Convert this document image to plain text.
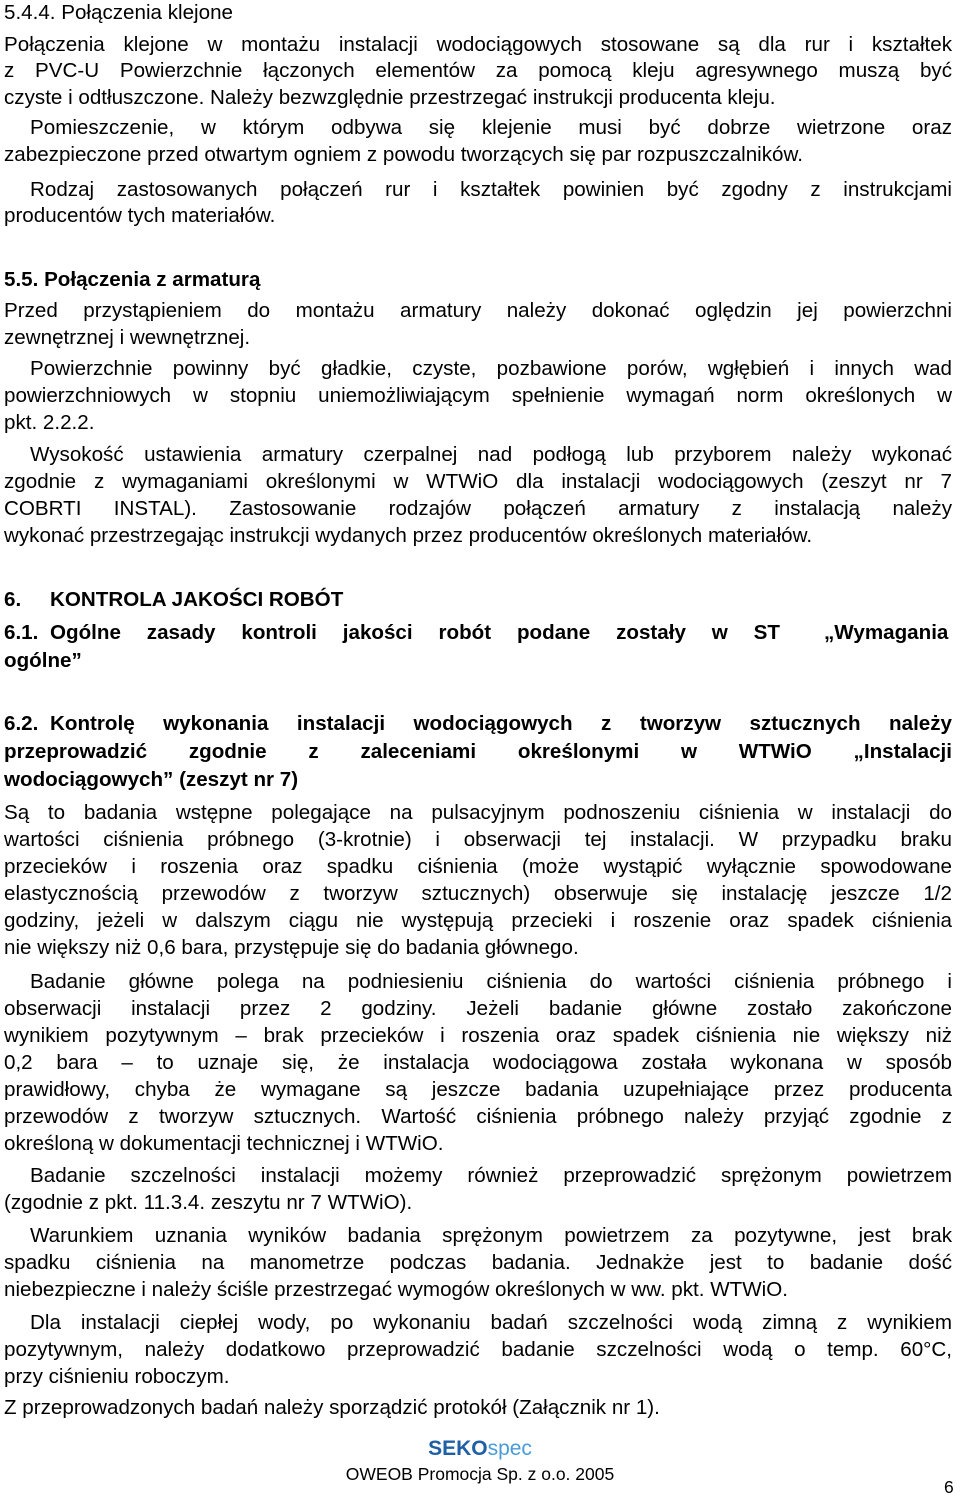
5.4.4. Połączenia klejone
Połączenia klejone w montażu instalacji wodociągowych stosowane są dla rur i kształtek
z PVC-U Powierzchnie łączonych elementów za pomocą kleju agresywnego muszą być
czyste i odtłuszczone. Należy bezwzględnie przestrzegać instrukcji producenta kleju.
Pomieszczenie, w którym odbywa się klejenie musi być dobrze wietrzone oraz
zabezpieczone przed otwartym ogniem z powodu tworzących się par rozpuszczalników.
Rodzaj zastosowanych połączeń rur i kształtek powinien być zgodny z instrukcjami
producentów tych materiałów.
5.5. Połączenia z armaturą
Przed przystąpieniem do montażu armatury należy dokonać oględzin jej powierzchni
zewnętrznej i wewnętrznej.
Powierzchnie powinny być gładkie, czyste, pozbawione porów, wgłębień i innych wad
powierzchniowych w stopniu uniemożliwiającym spełnienie wymagań norm określonych w
pkt. 2.2.2.
Wysokość ustawienia armatury czerpalnej nad podłogą lub przyborem należy wykonać
zgodnie z wymaganiami określonymi w WTWiO dla instalacji wodociągowych (zeszyt nr 7
COBRTI INSTAL). Zastosowanie rodzajów połączeń armatury z instalacją należy
wykonać przestrzegając instrukcji wydanych przez producentów określonych materiałów.
6. KONTROLA JAKOŚCI ROBÓT
6.1. Ogólne zasady kontroli jakości robót podane zostały w ST „Wymagania
ogólne”
6.2. Kontrolę wykonania instalacji wodociągowych z tworzyw sztucznych należy
przeprowadzić zgodnie z zaleceniami określonymi w WTWiO „Instalacji
wodociągowych” (zeszyt nr 7)
Są to badania wstępne polegające na pulsacyjnym podnoszeniu ciśnienia w instalacji do
wartości ciśnienia próbnego (3-krotnie) i obserwacji tej instalacji. W przypadku braku
przecieków i roszenia oraz spadku ciśnienia (może wystąpić wyłącznie spowodowane
elastycznością przewodów z tworzyw sztucznych) obserwuje się instalację jeszcze 1/2
godziny, jeżeli w dalszym ciągu nie występują przecieki i roszenie oraz spadek ciśnienia
nie większy niż 0,6 bara, przystępuje się do badania głównego.
Badanie główne polega na podniesieniu ciśnienia do wartości ciśnienia próbnego i
obserwacji instalacji przez 2 godziny. Jeżeli badanie główne zostało zakończone
wynikiem pozytywnym – brak przecieków i roszenia oraz spadek ciśnienia nie większy niż
0,2 bara – to uznaje się, że instalacja wodociągowa została wykonana w sposób
prawidłowy, chyba że wymagane są jeszcze badania uzupełniające przez producenta
przewodów z tworzyw sztucznych. Wartość ciśnienia próbnego należy przyjąć zgodnie z
określoną w dokumentacji technicznej i WTWiO.
Badanie szczelności instalacji możemy również przeprowadzić sprężonym powietrzem
(zgodnie z pkt. 11.3.4. zeszytu nr 7 WTWiO).
Warunkiem uznania wyników badania sprężonym powietrzem za pozytywne, jest brak
spadku ciśnienia na manometrze podczas badania. Jednakże jest to badanie dość
niebezpieczne i należy ściśle przestrzegać wymogów określonych w ww. pkt. WTWiO.
Dla instalacji ciepłej wody, po wykonaniu badań szczelności wodą zimną z wynikiem
pozytywnym, należy dodatkowo przeprowadzić badanie szczelności wodą o temp. 60°C,
przy ciśnieniu roboczym.
Z przeprowadzonych badań należy sporządzić protokół (Załącznik nr 1).
SEKOspec
OWEOB Promocja Sp. z o.o. 2005
6
